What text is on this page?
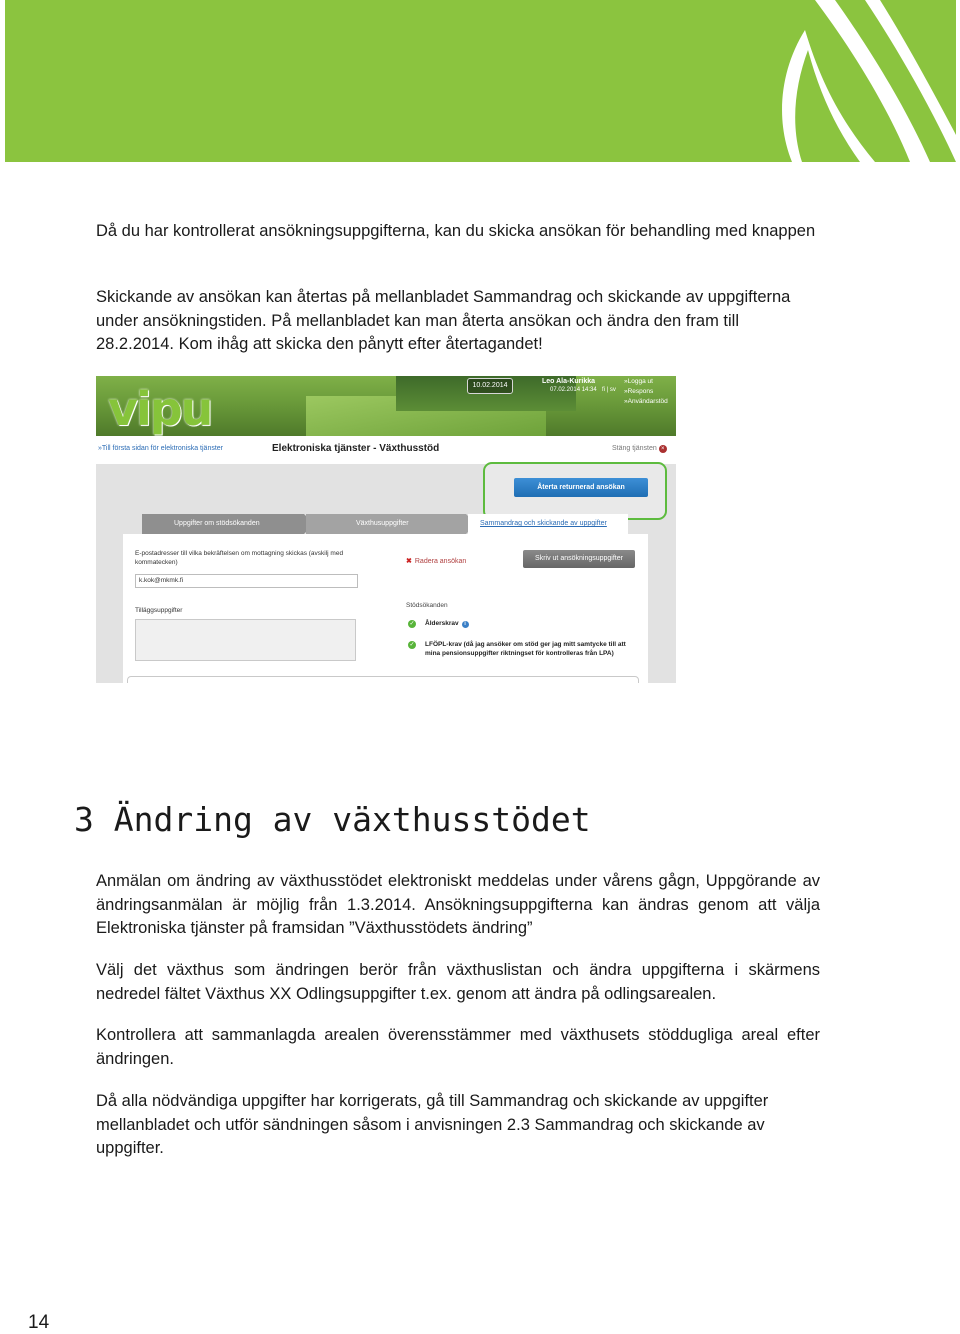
Då du har kontrollerat ansökningsuppgifterna, kan du skicka ansökan för behandling med knappen

Skickande av ansökan kan återtas på mellanbladet Sammandrag och skickande av uppgifterna under ansökningstiden. På mellanbladet kan man återta ansökan och ändra den fram till 28.2.2014. Kom ihåg att skicka den pånytt efter återtagandet!

vipu	10.02.2014
Leo Ala-Kurikka
07.02.2014 14:34 fi | sv
»Logga ut
»Respons
»Användarstöd
»Till första sidan för elektroniska tjänster	Elektroniska tjänster - Växthusstöd	Stäng tjänsten ×
Återta returnerad ansökan
Uppgifter om stödsökanden	Växthusuppgifter	Sammandrag och skickande av uppgifter
E-postadresser till vilka bekräftelsen om mottagning skickas (avskilj med kommatecken)
k.kok@mkmk.fi
Tilläggsuppgifter
✖ Radera ansökan	Skriv ut ansökningsuppgifter
Stödsökanden
✓ Ålderskrav i
✓ LFÖPL-krav (då jag ansöker om stöd ger jag mitt samtycke till att mina pensionsuppgifter riktningset för kontrolleras från LPA)
3 Ändring av växthusstödet

Anmälan om ändring av växthusstödet elektroniskt meddelas under vårens gågn, Uppgörande av ändringsanmälan är möjlig från 1.3.2014. Ansökningsuppgifterna kan ändras genom att välja Elektroniska tjänster på framsidan ”Växthusstödets ändring”

Välj det växthus som ändringen berör från växthuslistan och ändra uppgifterna i skärmens nedredel fältet Växthus XX Odlingsuppgifter t.ex. genom att ändra på odlingsarealen.

Kontrollera att sammanlagda arealen överensstämmer med växthusets stöddugliga areal efter ändringen.

Då alla nödvändiga uppgifter har korrigerats, gå till Sammandrag och skickande av uppgifter mellanbladet och utför sändningen såsom i anvisningen 2.3 Sammandrag och skickande av uppgifter.

14
